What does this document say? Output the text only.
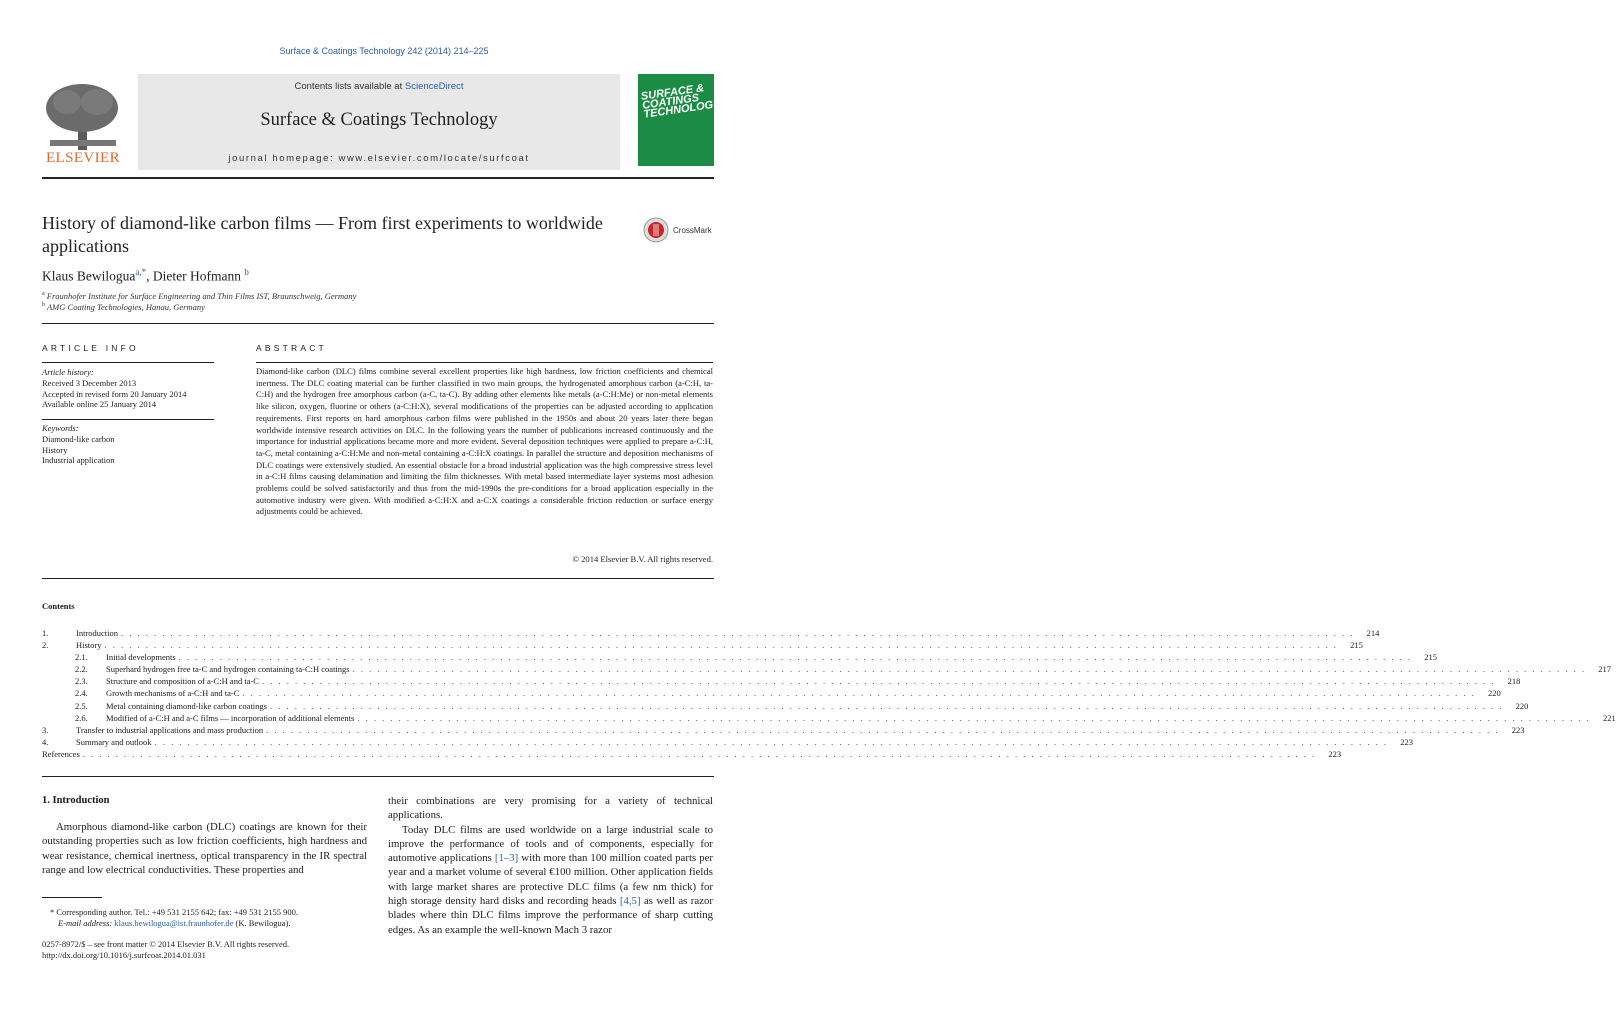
Surface & Coatings Technology 242 (2014) 214–225
ELSEVIER
Contents lists available at ScienceDirect
Surface & Coatings Technology
journal homepage: www.elsevier.com/locate/surfcoat
SURFACE & COATINGS TECHNOLOGY
History of diamond-like carbon films — From first experiments to worldwide applications
CrossMark
Klaus Bewilogua$^{a,*}$, Dieter Hofmann $^b$
$^a$ Fraunhofer Institute for Surface Engineering and Thin Films IST, Braunschweig, Germany
$^b$ AMG Coating Technologies, Hanau, Germany
ARTICLE INFO
Article history:
Received 3 December 2013
Accepted in revised form 20 January 2014
Available online 25 January 2014
Keywords:
Diamond-like carbon
History
Industrial application
ABSTRACT
Diamond-like carbon (DLC) films combine several excellent properties like high hardness, low friction coefficients and chemical inertness. The DLC coating material can be further classified in two main groups, the hydrogenated amorphous carbon (a-C:H, ta-C:H) and the hydrogen free amorphous carbon (a-C, ta-C). By adding other elements like metals (a-C:H:Me) or non-metal elements like silicon, oxygen, fluorine or others (a-C:H:X), several modifications of the properties can be adjusted according to application requirements. First reports on hard amorphous carbon films were published in the 1950s and about 20 years later there began worldwide intensive research activities on DLC. In the following years the number of publications increased continuously and the importance for industrial applications became more and more evident. Several deposition techniques were applied to prepare a-C:H, ta-C, metal containing a-C:H:Me and non-metal containing a-C:H:X coatings. In parallel the structure and deposition mechanisms of DLC coatings were extensively studied. An essential obstacle for a broad industrial application was the high compressive stress level in a-C:H films causing delamination and limiting the film thicknesses. With metal based intermediate layer systems most adhesion problems could be solved satisfactorily and thus from the mid-1990s the pre-conditions for a broad application especially in the automotive industry were given. With modified a-C:H:X and a-C:X coatings a considerable friction reduction or surface energy adjustments could be achieved.
© 2014 Elsevier B.V. All rights reserved.
Contents
1.	Introduction . . . . . . . . . . . . . . . . . . . . . . . . . . . . . . . . . . . . . . . . . . . . . . . . . . . . . . . . . . . . . . . . . . . . . . . . . . . . . . . . . . . . . . . . . . . . . . . . . . . . . . . . . . . . . . . . . . . . . . . . . . . . . . . . . . . . . . . . . . . . . . . . . . . . . .	214
2.	History . . . . . . . . . . . . . . . . . . . . . . . . . . . . . . . . . . . . . . . . . . . . . . . . . . . . . . . . . . . . . . . . . . . . . . . . . . . . . . . . . . . . . . . . . . . . . . . . . . . . . . . . . . . . . . . . . . . . . . . . . . . . . . . . . . . . . . . . . . . . . . . . . . . . . .	215
2.1.	Initial developments . . . . . . . . . . . . . . . . . . . . . . . . . . . . . . . . . . . . . . . . . . . . . . . . . . . . . . . . . . . . . . . . . . . . . . . . . . . . . . . . . . . . . . . . . . . . . . . . . . . . . . . . . . . . . . . . . . . . . . . . . . . . . . . . . . . . . . . . . . . . . . . . . . . . . .	215
2.2.	Superhard hydrogen free ta-C and hydrogen containing ta-C:H coatings . . . . . . . . . . . . . . . . . . . . . . . . . . . . . . . . . . . . . . . . . . . . . . . . . . . . . . . . . . . . . . . . . . . . . . . . . . . . . . . . . . . . . . . . . . . . . . . . . . . . . . . . . . . . . . . . . . . . . . . . . . . . . . . . . . . . . . . . . . . . . . . . . . . . . .	217
2.3.	Structure and composition of a-C:H and ta-C . . . . . . . . . . . . . . . . . . . . . . . . . . . . . . . . . . . . . . . . . . . . . . . . . . . . . . . . . . . . . . . . . . . . . . . . . . . . . . . . . . . . . . . . . . . . . . . . . . . . . . . . . . . . . . . . . . . . . . . . . . . . . . . . . . . . . . . . . . . . . . . . . . . . . .	218
2.4.	Growth mechanisms of a-C:H and ta-C . . . . . . . . . . . . . . . . . . . . . . . . . . . . . . . . . . . . . . . . . . . . . . . . . . . . . . . . . . . . . . . . . . . . . . . . . . . . . . . . . . . . . . . . . . . . . . . . . . . . . . . . . . . . . . . . . . . . . . . . . . . . . . . . . . . . . . . . . . . . . . . . . . . . . .	220
2.5.	Metal containing diamond-like carbon coatings . . . . . . . . . . . . . . . . . . . . . . . . . . . . . . . . . . . . . . . . . . . . . . . . . . . . . . . . . . . . . . . . . . . . . . . . . . . . . . . . . . . . . . . . . . . . . . . . . . . . . . . . . . . . . . . . . . . . . . . . . . . . . . . . . . . . . . . . . . . . . . . . . . . . . .	220
2.6.	Modified of a-C:H and a-C films — incorporation of additional elements . . . . . . . . . . . . . . . . . . . . . . . . . . . . . . . . . . . . . . . . . . . . . . . . . . . . . . . . . . . . . . . . . . . . . . . . . . . . . . . . . . . . . . . . . . . . . . . . . . . . . . . . . . . . . . . . . . . . . . . . . . . . . . . . . . . . . . . . . . . . . . . . . . . . . .	221
3.	Transfer to industrial applications and mass production . . . . . . . . . . . . . . . . . . . . . . . . . . . . . . . . . . . . . . . . . . . . . . . . . . . . . . . . . . . . . . . . . . . . . . . . . . . . . . . . . . . . . . . . . . . . . . . . . . . . . . . . . . . . . . . . . . . . . . . . . . . . . . . . . . . . . . . . . . . . . . . . . . . . . .	223
4.	Summary and outlook . . . . . . . . . . . . . . . . . . . . . . . . . . . . . . . . . . . . . . . . . . . . . . . . . . . . . . . . . . . . . . . . . . . . . . . . . . . . . . . . . . . . . . . . . . . . . . . . . . . . . . . . . . . . . . . . . . . . . . . . . . . . . . . . . . . . . . . . . . . . . . . . . . . . . .	223
References . . . . . . . . . . . . . . . . . . . . . . . . . . . . . . . . . . . . . . . . . . . . . . . . . . . . . . . . . . . . . . . . . . . . . . . . . . . . . . . . . . . . . . . . . . . . . . . . . . . . . . . . . . . . . . . . . . . . . . . . . . . . . . . . . . . . . . . . . . . . . . . . . . . . . .	223
1. Introduction
Amorphous diamond-like carbon (DLC) coatings are known for their outstanding properties such as low friction coefficients, high hardness and wear resistance, chemical inertness, optical transparency in the IR spectral range and low electrical conductivities. These properties and

their combinations are very promising for a variety of technical applications.

Today DLC films are used worldwide on a large industrial scale to improve the performance of tools and of components, especially for automotive applications [1–3] with more than 100 million coated parts per year and a market volume of several €100 million. Other application fields with large market shares are protective DLC films (a few nm thick) for high storage density hard disks and recording heads [4,5] as well as razor blades where thin DLC films improve the performance of sharp cutting edges. As an example the well-known Mach 3 razor

* Corresponding author. Tel.: +49 531 2155 642; fax: +49 531 2155 900.
E-mail address: klaus.bewilogua@ist.fraunhofer.de (K. Bewilogua).
0257-8972/$ – see front matter © 2014 Elsevier B.V. All rights reserved.
http://dx.doi.org/10.1016/j.surfcoat.2014.01.031
